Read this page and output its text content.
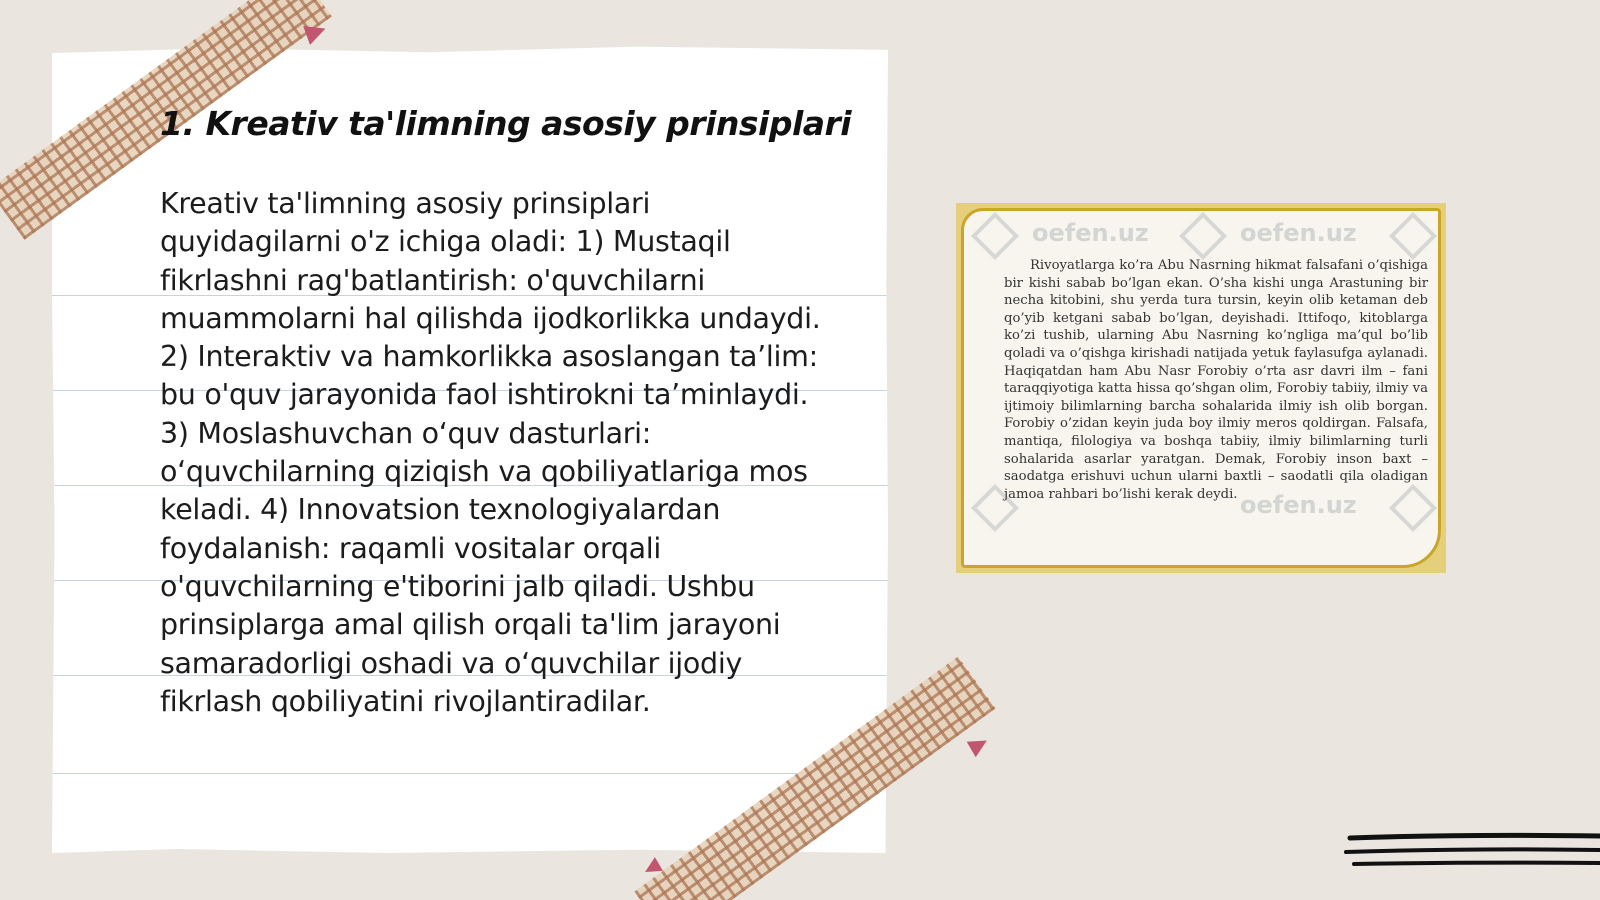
1. Kreativ ta'limning asosiy prinsiplari

Kreativ ta'limning asosiy prinsiplari quyidagilarni o'z ichiga oladi: 1) Mustaqil fikrlashni rag'batlantirish: o'quvchilarni muammolarni hal qilishda ijodkorlikka undaydi. 2) Interaktiv va hamkorlikka asoslangan ta’lim: bu o'quv jarayonida faol ishtirokni ta’minlaydi. 3) Moslashuvchan o‘quv dasturlari: o‘quvchilarning qiziqish va qobiliyatlariga mos keladi. 4) Innovatsion texnologiyalardan foydalanish: raqamli vositalar orqali o'quvchilarning e'tiborini jalb qiladi. Ushbu prinsiplarga amal qilish orqali ta'lim jarayoni samaradorligi oshadi va o‘quvchilar ijodiy fikrlash qobiliyatini rivojlantiradilar.

oefen.uz	oefen.uz
oefen.uz

Rivoyatlarga ko’ra Abu Nasrning hikmat falsafani o’qishiga bir kishi sabab bo’lgan ekan. O’sha kishi unga Arastuning bir necha kitobini, shu yerda tura tursin, keyin olib ketaman deb qo’yib ketgani sabab bo’lgan, deyishadi. Ittifoqo, kitoblarga ko’zi tushib, ularning Abu Nasrning ko’ngliga ma’qul bo’lib qoladi va o’qishga kirishadi natijada yetuk faylasufga aylanadi. Haqiqatdan ham Abu Nasr Forobiy o’rta asr davri ilm – fani taraqqiyotiga katta hissa qo’shgan olim, Forobiy tabiiy, ilmiy va ijtimoiy bilimlarning barcha sohalarida ilmiy ish olib borgan. Forobiy o’zidan keyin juda boy ilmiy meros qoldirgan. Falsafa, mantiqa, filologiya va boshqa tabiiy, ilmiy bilimlarning turli sohalarida asarlar yaratgan. Demak, Forobiy inson baxt – saodatga erishuvi uchun ularni baxtli – saodatli qila oladigan jamoa rahbari bo’lishi kerak deydi.
